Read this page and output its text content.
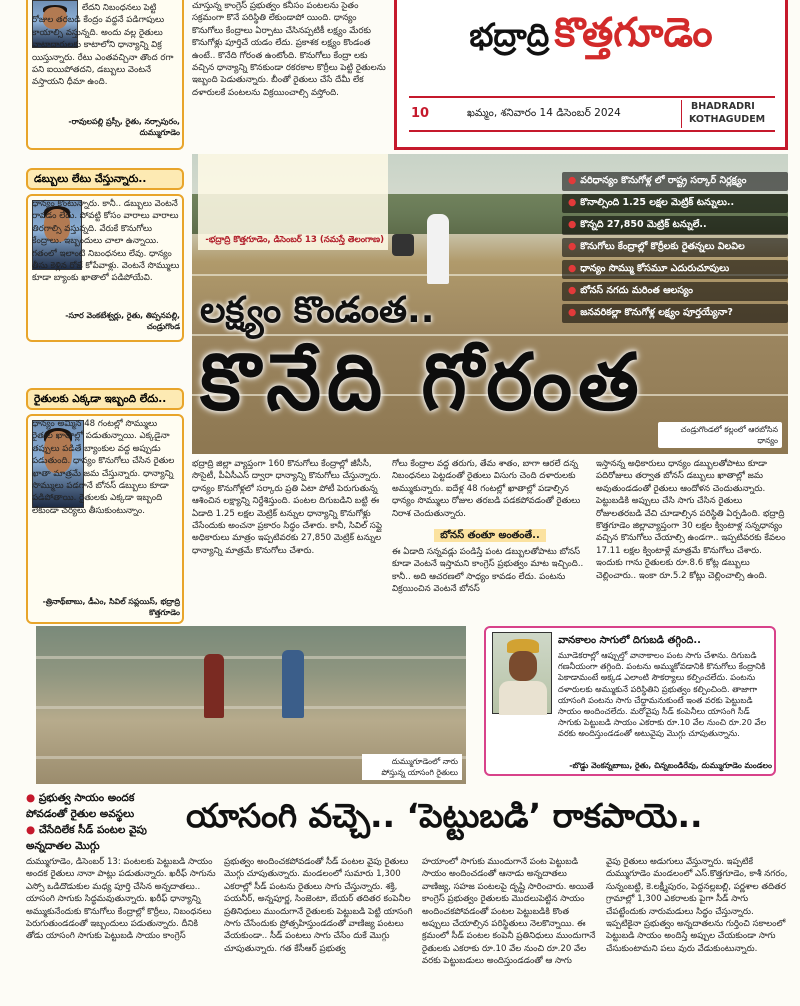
లేదని నిబంధనలు పెట్టి రోజుల తరబడి కేంద్రం వద్దనే పడిగాపులు కాయాల్సి వస్తున్నది. అందు వల్ల రైతులు వాటాదారులకు కాటాలోని ధాన్యాన్ని విక్ర యిస్తున్నారు. రేటు ఎంతవచ్చినా తొంద రగా పని ఐయిపోతదని, డబ్బులు వెంటనే వస్తాయని ధీమా ఉంది.
-రావులపల్లి ప్రస్సీ, రైతు, నర్సాపురం, దుమ్ముగూడెం
డబ్బులు లేటు చేస్తున్నారు..
ధాన్యం కొంటున్నారు. కానీ.. డబ్బులు వెంటనే రావడం లేదు. పోవట్టి కోసం వారాలు వారాలు తిరగాల్సి వస్తున్నది. వేరుకే కొనుగోలు కేంద్రాలు. ఇబ్బందులు చాలా ఉన్నాయి. గతంలో ఇలాంటి నిబంధనలు లేవు. ధాన్యం తీసు కెళ్లిన రోజే కోపేవాళ్లు. వెంటనే సొమ్ములు కూడా బ్యాంకు ఖాతాలో పడిపోయేవి.
-సూర వెంకటేశ్వర్లు, రైతు, తిప్పనపల్లి, చండ్రుగొండ
రైతులకు ఎక్కడా ఇబ్బంది లేదు..
ధాన్యం అమ్మిన 48 గంటల్లో సొమ్ములు రైతుల ఖాతాల్లో పడుతున్నాయి. ఎక్కడైనా తప్పులు పడితే బ్యాంకుల వద్ద అప్పుడు పడుతుంది. ధాన్యం కొనుగోలు చేసిన రైతుల ఖాతా మాత్రమే జమ చేస్తున్నారు. ధాన్యాన్ని సొమ్ములు పడగానే బోనస్ డబ్బులు కూడా పడిపోతాయి. రైతులకు ఎక్కడా ఇబ్బంది లేకుండా చర్యలు తీసుకుంటున్నాం.
-త్రినాథ్‌బాబు, డీఎం, సివిల్ సప్లయిస్, భద్రాద్రి కొత్తగూడెం
చూస్తున్న కాంగ్రెస్ ప్రభుత్వం కనీసం పంటలను సైతం సక్రమంగా కొనే పరిస్థితి లేకుండాపో యింది. ధాన్యం కొనుగోలు కేంద్రాలు ఏర్పాటు చేసినప్పటికీ లక్ష్యం మేరకు కొనుగోళ్లు పూర్తిచే యడం లేదు. ప్రకాశక లక్ష్యం కొండంత ఉంటే.. కొనేది గోరంత ఉంటోంది. కొనుగోలు కేంద్రా లకు వచ్చిన ధాన్యాన్ని కొనకుండా రకరకాల కొర్రీలు పెట్టి రైతులను ఇబ్బంది పెడుతున్నారు. బీంతో రైతులు చేసే దేమీ లేక దళారులకే పంటలను విక్రయించాల్సి వస్తోంది.
భద్రాద్రి కొత్తగూడెం
10	ఖమ్మం, శనివారం 14 డిసెంబర్ 2024
BHADRADRI
KOTHAGUDEM
-భద్రాద్రి కొత్తగూడెం, డిసెంబర్ 13 (నమస్తే తెలంగాణ)
చండ్రుగొండలో కల్లంలో ఆరబోసిన ధాన్యం
● వరిధాన్యం కొనుగోళ్ల లో రాష్ట్ర సర్కార్ నిర్లక్ష్యం
● కొనాల్సింది 1.25 లక్షల మెట్రిక్ టన్నులు..
● కొన్నది 27,850 మెట్రిక్ టన్నులే..
● కొనుగోలు కేంద్రాల్లో కొర్రీలకు రైతన్నలు విలవిల
● ధాన్యం సొమ్ము కోసమూ ఎదురుచూపులు
● బోనస్ నగదు మరింత ఆలస్యం
● జనవరికల్లా కొనుగోళ్ల లక్ష్యం పూర్తయ్యేనా?
లక్ష్యం కొండంత..
కొనేది గోరంత
భద్రాద్రి జిల్లా వ్యాప్తంగా 160 కొనుగోలు కేంద్రాల్లో జీసీసీ, సొసైటీ, పీఏసీఎస్ ద్వారా ధాన్యాన్ని కొనుగోలు చేస్తున్నారు. ధాన్యం కొనుగోళ్లలో సర్కారు ప్రతి ఏటా పోటీ పెరుగుతున్న ఆశించిన లక్ష్యాన్ని నిర్దేశిస్తుంది. పంటల దిగుబడిని బట్టి ఈ ఏడాది 1.25 లక్షల మెట్రిక్ టన్నుల ధాన్యాన్ని కొనుగోళ్లు చేసేందుకు అంచనా ప్రకారం సిద్ధం చేశారు. కానీ, సివిల్ సప్లై అధికారులు మాత్రం ఇప్పటివరకు 27,850 మెట్రిక్ టన్నుల ధాన్యాన్ని మాత్రమే కొనుగోలు చేశారు.
గోలు కేంద్రాల వద్ద తరుగు, తేమ శాతం, బాగా ఆరలే దన్న నిబంధనలు పెట్టడంతో రైతులు విసుగు చెంది దళారులకు అమ్ముకున్నారు. ఐదేళ్ల 48 గంటల్లో ఖాతాల్లో పడాల్సిన ధాన్యం సొమ్ములు రోజుల తరబడి పడకపోవడంతో రైతులు నిరాశ చెందుతున్నారు.
బోనస్ తంతూ అంతంతే..
ఈ ఏడాది సన్నవడ్లు పండిస్తే పంట డబ్బులతోపాటు బోనస్ కూడా వెంటనే ఇస్తామని కాంగ్రెస్ ప్రభుత్వం మాట ఇచ్చింది.. కానీ.. అది ఆచరణలో సాధ్యం కావడం లేదు. పంటను విక్రయించిన వెంటనే బోనస్
ఇస్తానన్న అధికారులు ధాన్యం డబ్బులతోపాటు కూడా పదిరోజులు తర్వాత బోనస్ డబ్బులు ఖాతాల్లో జమ అవుతుండడంతో రైతులు ఆందోళన చెందుతున్నారు. పెట్టుబడికి అప్పులు చేసి సాగు చేసిన రైతులు రోజులతరబడి వేచి చూడాల్సిన పరిస్థితి ఏర్పడింది. భద్రాద్రి కొత్తగూడెం జిల్లావ్యాప్తంగా 30 లక్షల క్వింటాళ్ల సన్నధాన్యం వచ్చిన కొనుగోలు చేయాల్సి ఉండగా.. ఇప్పటివరకు కేవలం 17.11 లక్షల క్వింటాళ్లే మాత్రమే కొనుగోలు చేశారు. ఇందుకు గాను రైతులకు రూ.8.6 కోట్ల డబ్బులు చెల్లించారు.. ఇంకా రూ.5.2 కోట్లు చెల్లించాల్సి ఉంది.
దుమ్ముగూడెంలో నారు పోస్తున్న యాసంగి రైతులు
వానకాలం సాగులో దిగుబడి తగ్గింది..
మూడెకరాల్లో ఆప్పుల్తో వానాకాలం పంట సాగు చేశాను. దిగుబడి గణనీయంగా తగ్గింది. పంటను అమ్ముకోవడానికి కొనుగోలు కేంద్రానికి పెకాడామంటే అక్కడ ఎలాంటి సౌకర్యాలు కల్పించలేదు. పంటను దళారులకు అమ్ముకునే పరిస్థితిని ప్రభుత్వం కల్పించింది. తాజాగా యాసంగి పంటను సాగు చేద్దామనుకుంటే ఇంత వరకు పెట్టుబడి సాయం అందించలేదు. మరోవైపు సీడ్ కంపెనీలు యాసంగి సీడ్ సాగుకు పెట్టుబడి సాయం ఎకరాకు రూ.10 వేల నుంచి రూ.20 వేల వరకు అందిస్తుండడంతో అటువైపు మొగ్గు చూపుతున్నాను.
-బొడ్డు వెంకన్నబాబు, రైతు, చిన్నబండిరేవు, దుమ్ముగూడెం మండలం
● ప్రభుత్వ సాయం అందక పోవడంతో రైతుల అవస్థలు
● చేసేదిలేక సీడ్ పంటల వైపు అన్నదాతల మొగ్గు
యాసంగి వచ్చె.. ‘పెట్టుబడి’ రాకపాయె..
దుమ్ముగూడెం, డిసెంబర్ 13: పంటలకు పెట్టుబడి సాయం అందక రైతులు నానా పాట్లు పడుతున్నారు. ఖరీఫ్ సాగును ఎస్సో ఒడిదొడుకుల మధ్య పూర్తి చేసిన అన్నదాతలు.. యాసంగి సాగుకు సిద్ధమవుతున్నారు. ఖరీఫ్ ధాన్యాన్ని అమ్ముకునేందుకు కొనుగోలు కేంద్రాల్లో కొర్రీలు, నిబంధనలు పెరుగుతుండడంతో ఇబ్బందులు పడుతున్నారు. దీనికి తోడు యాసంగి సాగుకు పెట్టుబడి సాయం కాంగ్రెస్
ప్రభుత్వం అందించకపోవడంతో సీడ్ పంటల వైపు రైతులు మొగ్గు చూపుతున్నారు. మండలంలో సుమారు 1,300 ఎకరాల్లో సీడ్ పంటను రైతులు సాగు చేస్తున్నారు. శక్తి, పయనీర్, అన్నపూర్ణ, సింజెంటా, బేయర్ తదితర కంపెనీల ప్రతినిధులు ముందుగానే రైతులకు పెట్టుబడి పెట్టి యాసంగి సాగు చేసేందుకు ప్రోత్సహిస్తుండడంతో వాణిజ్య పంటలు వేయకుండా.. సీడ్ పంటలు సాగు చేసేం దుకే మొగ్గు చూపుతున్నారు. గత కేసీఆర్ ప్రభుత్వ
హయాంలో సాగుకు ముందుగానే పంట పెట్టుబడి సాయం అందించడంతో ఆనాడు అన్నదాతలు వాణిజ్య, సహజ పంటలపై దృష్టి సారించారు. అయితే కాంగ్రెస్ ప్రభుత్వం రైతులకు మొదలుపెట్టిన సాయం అందించకపోవడంతో పంటల పెట్టుబడికి కొంత అప్పులు చేయాల్సిన పరిస్థితులు నెలకొన్నాయి. ఈ క్రమంలో సీడ్ పంటల కంపెనీ ప్రతినిధులు ముందుగానే రైతులకు ఎకరాకు రూ.10 వేల నుంచి రూ.20 వేల వరకు పెట్టుబడులు అందిస్తుండడంతో ఆ సాగు
వైపు రైతులు అడుగులు వేస్తున్నారు. ఇప్పటికే దుమ్ముగూడెం మండలంలో ఎస్.కొత్తగూడెం, కాశీ నగరం, సున్నంబట్టి, కె.లక్ష్మీపురం, పెద్దనల్లబల్లి, పర్ణశాల తదితర గ్రామాల్లో 1,300 ఎకరాలకు పైగా సీడ్ సాగు చేపట్టేందుకు నారుమడులు సిద్ధం చేస్తున్నారు. ఇప్పటికైనా ప్రభుత్వం అన్నదాతలను గుర్తించి సకాలంలో పెట్టుబడి సాయం అందిస్తే అప్పుల చేయకుండా సాగు చేసుకుంటామని పలు వురు వేడుకుంటున్నారు.
